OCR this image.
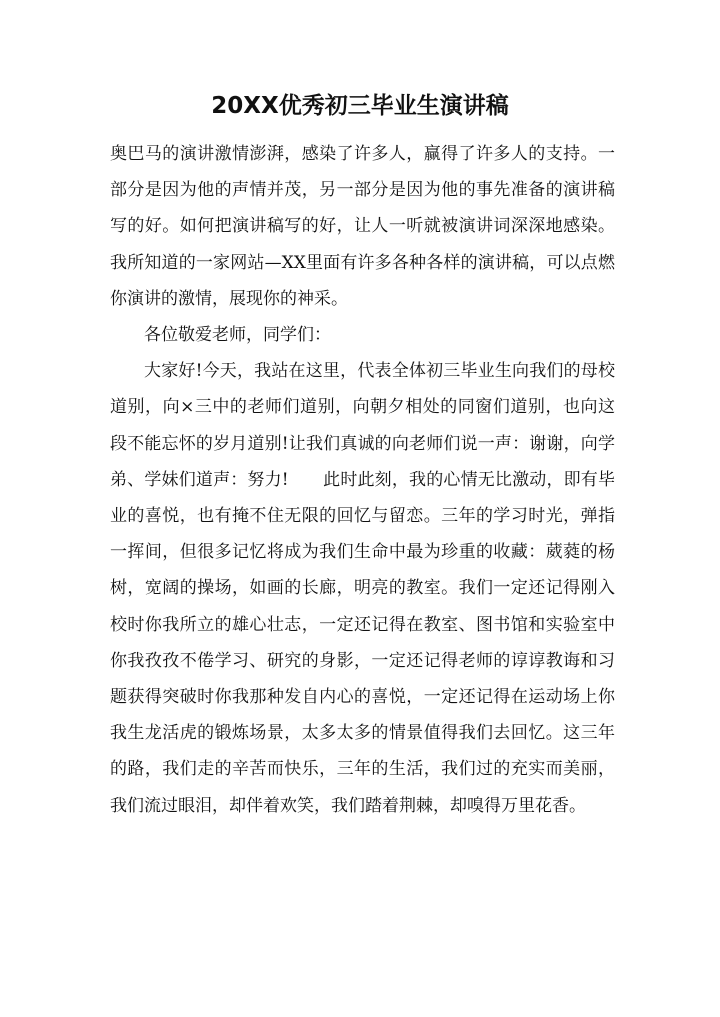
20XX优秀初三毕业生演讲稿

奥巴马的演讲激情澎湃，感染了许多人，赢得了许多人的支持。一部分是因为他的声情并茂，另一部分是因为他的事先准备的演讲稿写的好。如何把演讲稿写的好，让人一听就被演讲词深深地感染。我所知道的一家网站—XX里面有许多各种各样的演讲稿，可以点燃你演讲的激情，展现你的神采。

各位敬爱老师，同学们：

大家好!今天，我站在这里，代表全体初三毕业生向我们的母校道别，向×三中的老师们道别，向朝夕相处的同窗们道别，也向这段不能忘怀的岁月道别!让我们真诚的向老师们说一声：谢谢，向学弟、学妹们道声：努力!　　此时此刻，我的心情无比激动，即有毕业的喜悦，也有掩不住无限的回忆与留恋。三年的学习时光，弹指一挥间，但很多记忆将成为我们生命中最为珍重的收藏：葳蕤的杨树，宽阔的操场，如画的长廊，明亮的教室。我们一定还记得刚入校时你我所立的雄心壮志，一定还记得在教室、图书馆和实验室中你我孜孜不倦学习、研究的身影，一定还记得老师的谆谆教诲和习题获得突破时你我那种发自内心的喜悦，一定还记得在运动场上你我生龙活虎的锻炼场景，太多太多的情景值得我们去回忆。这三年的路，我们走的辛苦而快乐，三年的生活，我们过的充实而美丽，我们流过眼泪，却伴着欢笑，我们踏着荆棘，却嗅得万里花香。
